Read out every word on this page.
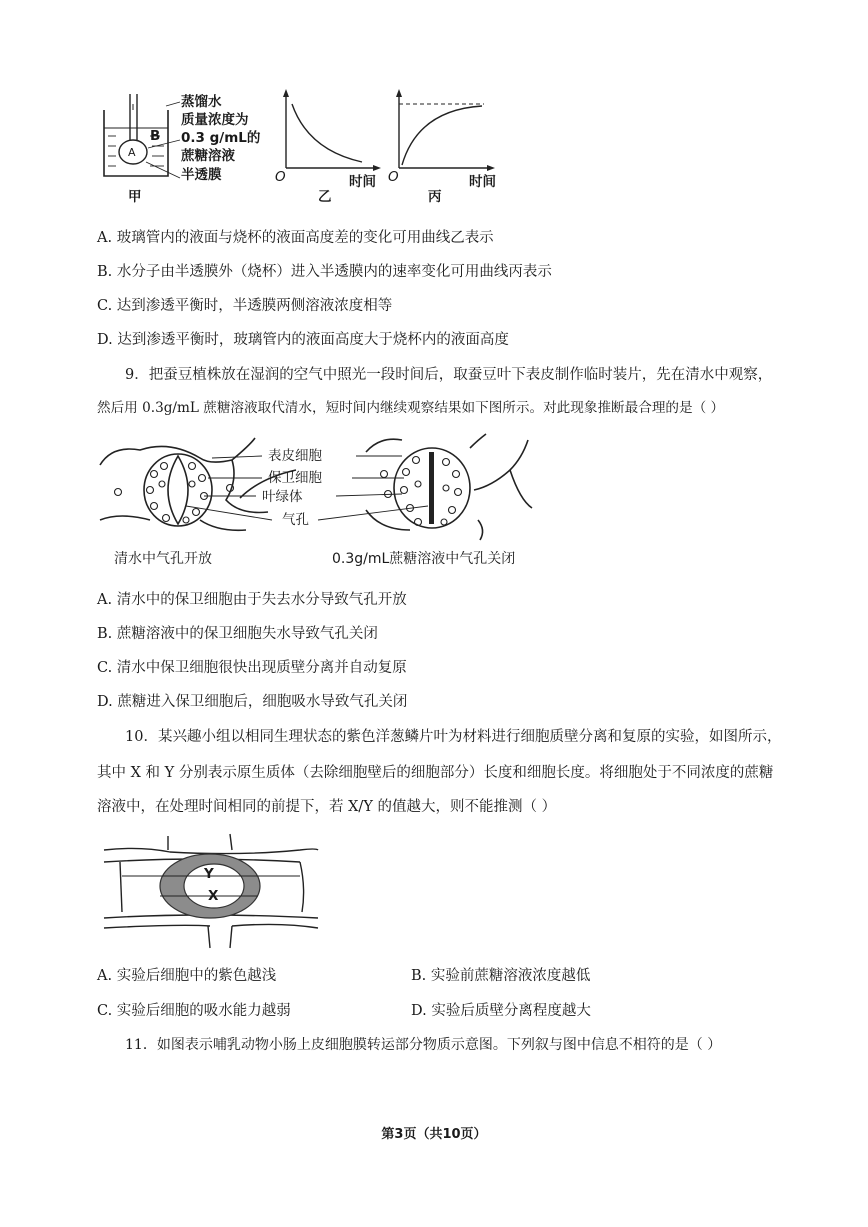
B
A
蒸馏水
质量浓度为
0.3 g/mL的
蔗糖溶液
半透膜
甲
O	时间
乙
O	时间
丙
A. 玻璃管内的液面与烧杯的液面高度差的变化可用曲线乙表示
B. 水分子由半透膜外（烧杯）进入半透膜内的速率变化可用曲线丙表示
C. 达到渗透平衡时，半透膜两侧溶液浓度相等
D. 达到渗透平衡时，玻璃管内的液面高度大于烧杯内的液面高度
9．把蚕豆植株放在湿润的空气中照光一段时间后，取蚕豆叶下表皮制作临时装片，先在清水中观察，
然后用 0.3g/mL 蔗糖溶液取代清水，短时间内继续观察结果如下图所示。对此现象推断最合理的是（ ）
表皮细胞
保卫细胞
叶绿体
气孔
清水中气孔开放	0.3g/mL蔗糖溶液中气孔关闭
A. 清水中的保卫细胞由于失去水分导致气孔开放
B. 蔗糖溶液中的保卫细胞失水导致气孔关闭
C. 清水中保卫细胞很快出现质壁分离并自动复原
D. 蔗糖进入保卫细胞后，细胞吸水导致气孔关闭
10．某兴趣小组以相同生理状态的紫色洋葱鳞片叶为材料进行细胞质壁分离和复原的实验，如图所示，
其中 X 和 Y 分别表示原生质体（去除细胞壁后的细胞部分）长度和细胞长度。将细胞处于不同浓度的蔗糖
溶液中，在处理时间相同的前提下，若 X/Y 的值越大，则不能推测（ ）
Y
X
A. 实验后细胞中的紫色越浅	B. 实验前蔗糖溶液浓度越低
C. 实验后细胞的吸水能力越弱	D. 实验后质壁分离程度越大
11．如图表示哺乳动物小肠上皮细胞膜转运部分物质示意图。下列叙与图中信息不相符的是（ ）
第3页（共10页）
